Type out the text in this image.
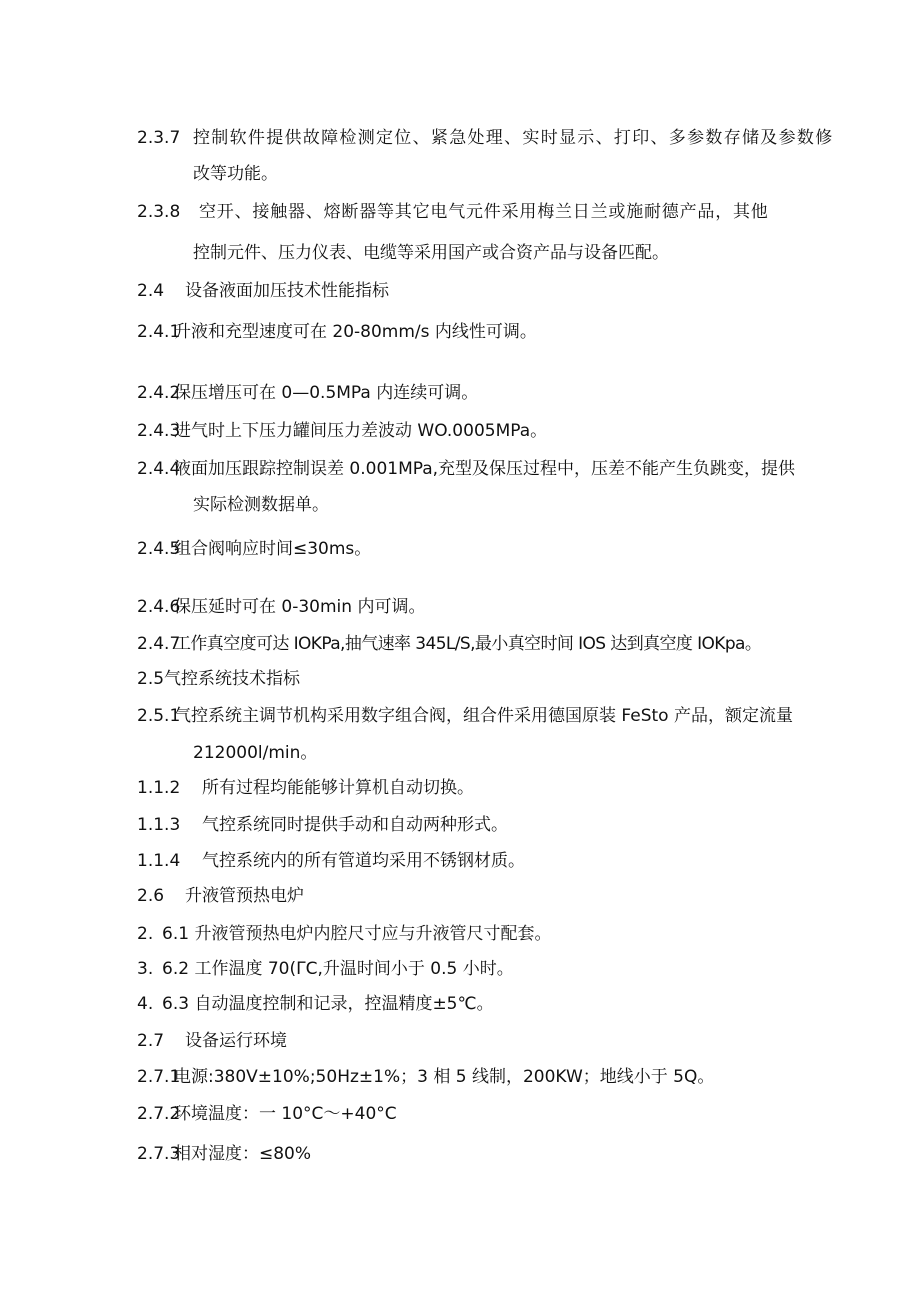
2.3.7 控制软件提供故障检测定位、紧急处理、实时显示、打印、多参数存储及参数修
改等功能。
2.3.8 空开、接触器、熔断器等其它电气元件采用梅兰日兰或施耐德产品，其他
控制元件、压力仪表、电缆等采用国产或合资产品与设备匹配。
2.4 设备液面加压技术性能指标
2.4.1升液和充型速度可在 20-80mm∕s 内线性可调。
2.4.2保压增压可在 0—0.5MPa 内连续可调。
2.4.3进气时上下压力罐间压力差波动 WO.0005MPa。
2.4.4液面加压跟踪控制误差 0.001MPa,充型及保压过程中，压差不能产生负跳变，提供
实际检测数据单。
2.4.5组合阀响应时间≤30ms。
2.4.6保压延时可在 0-30min 内可调。
2.4.7工作真空度可达 IOKPa,抽气速率 345L/S,最小真空时间 IOS 达到真空度 IOKpa。
2.5气控系统技术指标
2.5.1气控系统主调节机构采用数字组合阀，组合件采用德国原装 FeSto 产品，额定流量
212000l∕min。
1.1.2 所有过程均能能够计算机自动切换。
1.1.3 气控系统同时提供手动和自动两种形式。
1.1.4 气控系统内的所有管道均采用不锈钢材质。
2.6 升液管预热电炉
2. 6.1 升液管预热电炉内腔尺寸应与升液管尺寸配套。
3. 6.2 工作温度 70(ΓC,升温时间小于 0.5 小时。
4. 6.3 自动温度控制和记录，控温精度±5℃。
2.7 设备运行环境
2.7.1电源:380V±10%;50Hz±1%；3 相 5 线制，200KW；地线小于 5Q。
2.7.2环境温度：一 10°C～+40°C
2.7.3相对湿度：≤80%
